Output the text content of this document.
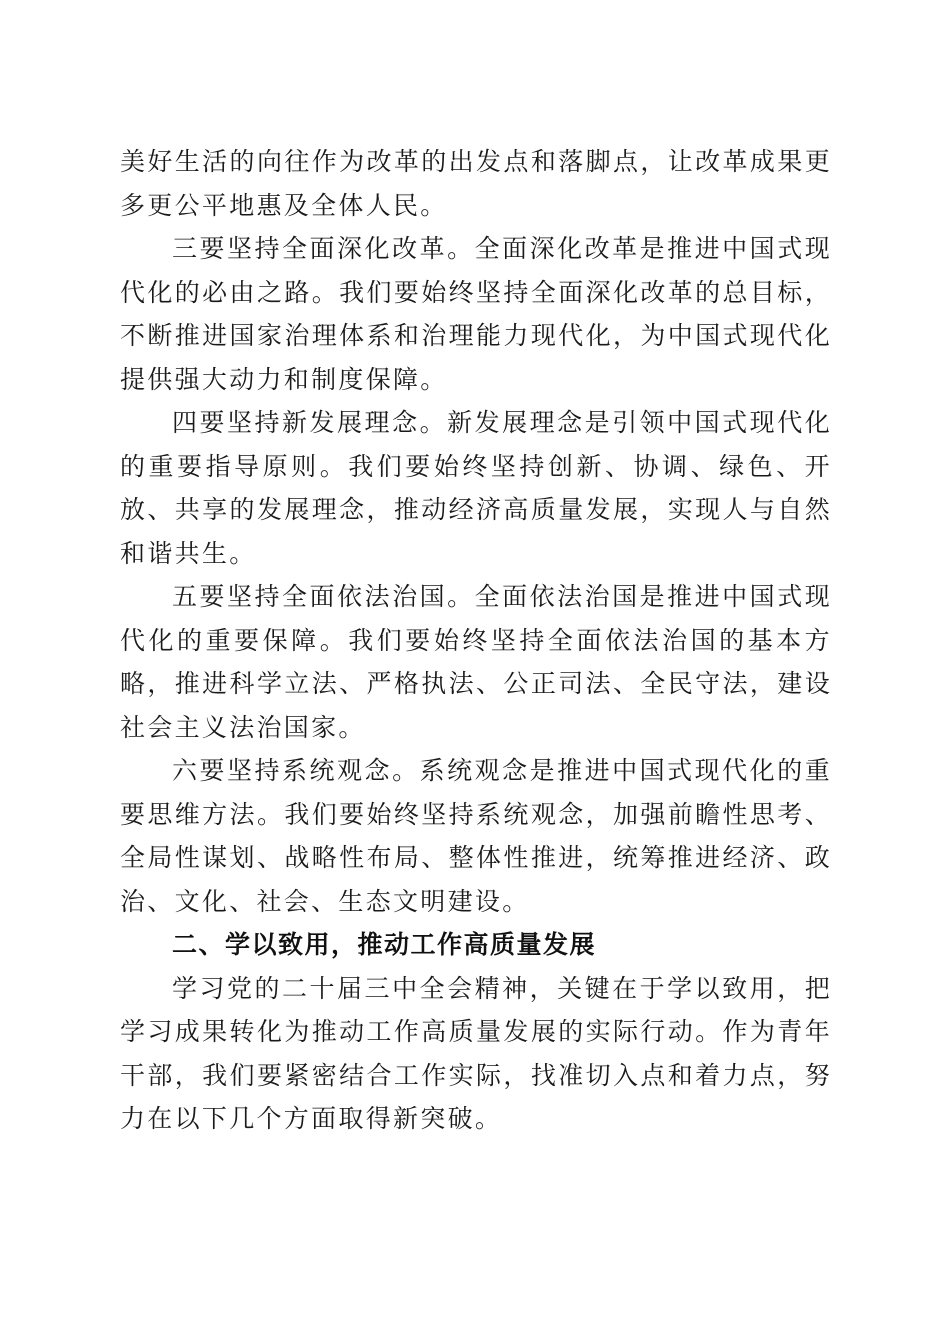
美好生活的向往作为改革的出发点和落脚点，让改革成果更多更公平地惠及全体人民。

三要坚持全面深化改革。全面深化改革是推进中国式现代化的必由之路。我们要始终坚持全面深化改革的总目标，不断推进国家治理体系和治理能力现代化，为中国式现代化提供强大动力和制度保障。

四要坚持新发展理念。新发展理念是引领中国式现代化的重要指导原则。我们要始终坚持创新、协调、绿色、开放、共享的发展理念，推动经济高质量发展，实现人与自然和谐共生。

五要坚持全面依法治国。全面依法治国是推进中国式现代化的重要保障。我们要始终坚持全面依法治国的基本方略，推进科学立法、严格执法、公正司法、全民守法，建设社会主义法治国家。

六要坚持系统观念。系统观念是推进中国式现代化的重要思维方法。我们要始终坚持系统观念，加强前瞻性思考、全局性谋划、战略性布局、整体性推进，统筹推进经济、政治、文化、社会、生态文明建设。

二、学以致用，推动工作高质量发展

学习党的二十届三中全会精神，关键在于学以致用，把学习成果转化为推动工作高质量发展的实际行动。作为青年干部，我们要紧密结合工作实际，找准切入点和着力点，努力在以下几个方面取得新突破。
